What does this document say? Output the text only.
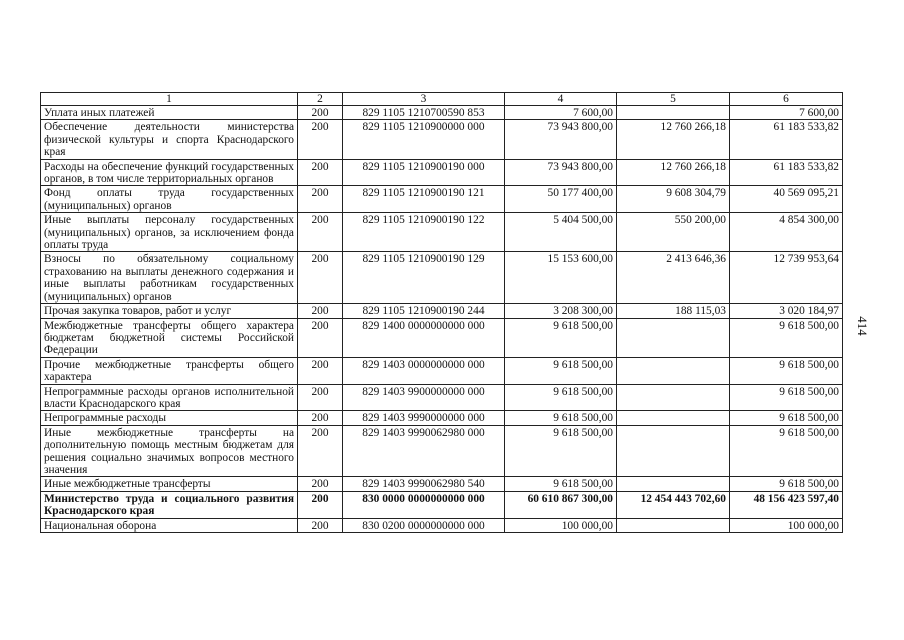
414
1	2	3	4	5	6
Уплата иных платежей	200	829 1105 1210700590 853	7 600,00		7 600,00
Обеспечение деятельности министерства физической культуры и спорта Краснодарского края	200	829 1105 1210900000 000	73 943 800,00	12 760 266,18	61 183 533,82
Расходы на обеспечение функций государственных органов, в том числе территориальных органов	200	829 1105 1210900190 000	73 943 800,00	12 760 266,18	61 183 533,82
Фонд оплаты труда государственных (муниципальных) органов	200	829 1105 1210900190 121	50 177 400,00	9 608 304,79	40 569 095,21
Иные выплаты персоналу государственных (муниципальных) органов, за исключением фонда оплаты труда	200	829 1105 1210900190 122	5 404 500,00	550 200,00	4 854 300,00
Взносы по обязательному социальному страхованию на выплаты денежного содержания и иные выплаты работникам государственных (муниципальных) органов	200	829 1105 1210900190 129	15 153 600,00	2 413 646,36	12 739 953,64
Прочая закупка товаров, работ и услуг	200	829 1105 1210900190 244	3 208 300,00	188 115,03	3 020 184,97
Межбюджетные трансферты общего характера бюджетам бюджетной системы Российской Федерации	200	829 1400 0000000000 000	9 618 500,00		9 618 500,00
Прочие межбюджетные трансферты общего характера	200	829 1403 0000000000 000	9 618 500,00		9 618 500,00
Непрограммные расходы органов исполнительной власти Краснодарского края	200	829 1403 9900000000 000	9 618 500,00		9 618 500,00
Непрограммные расходы	200	829 1403 9990000000 000	9 618 500,00		9 618 500,00
Иные межбюджетные трансферты на дополнительную помощь местным бюджетам для решения социально значимых вопросов местного значения	200	829 1403 9990062980 000	9 618 500,00		9 618 500,00
Иные межбюджетные трансферты	200	829 1403 9990062980 540	9 618 500,00		9 618 500,00
Министерство труда и социального развития Краснодарского края	200	830 0000 0000000000 000	60 610 867 300,00	12 454 443 702,60	48 156 423 597,40
Национальная оборона	200	830 0200 0000000000 000	100 000,00		100 000,00
